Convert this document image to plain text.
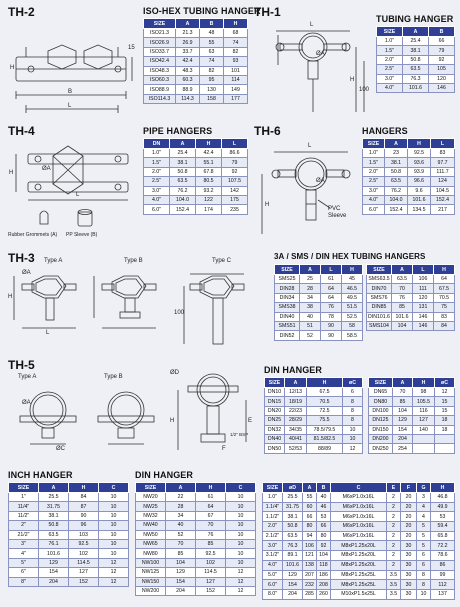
TH-2	TH-1
TH-4	TH-6
TH-3
TH-5
B
L
15
H
ISO-HEX TUBING HANGER
SIZE	A	B	H
ISO21.3	21.3	48	68
ISO26.9	26.9	55	74
ISO33.7	33.7	63	82
ISO42.4	42.4	74	93
ISO48.3	48.3	82	101
ISO60.3	60.3	95	114
ISO88.9	88.9	130	149
ISO114.3	114.3	158	177
L
ØA
100
H
TUBING HANGER
SIZE	A	B
1.0"	25.4	66
1.5"	38.1	79
2.0"	50.8	92
2.5"	63.5	105
3.0"	76.3	120
4.0"	101.6	146
ØA
H
L
Rubber Grommets (A) PP Sleeve (B)
PIPE HANGERS
DN	A	H	L
1.0"	25.4	42.4	86.6
1.5"	38.1	55.1	79
2.0"	50.8	67.8	92
2.5"	63.5	80.5	107.5
3.0"	76.2	93.2	142
4.0"	104.0	122	175
6.0"	152.4	174	235
L
ØA
H
PVC
Sleeve
HANGERS
SIZE	A	H	L
1.0"	23	92.5	83
1.5"	38.1	93.6	97.7
2.0"	50.8	93.9	111.7
2.5"	63.5	96.6	124
3.0"	76.2	9.6	104.5
4.0"	104.0	101.6	152.4
6.0"	152.4	134.5	217
Type A	Type B	Type C
ØA
H
L
100
3A / SMS / DIN HEX TUBING HANGERS
SIZE	A	L	H
SMS25	25	61	45
DIN28	28	64	46.5
DIN34	34	64	49.5
SMS38	38	76	51.5
DIN40	40	78	52.5
SMS51	51	90	58
DIN52	52	90	58.5
SIZE	A	L	H
SMS63.5	63.5	106	64
DIN70	70	111	67.5
SMS76	76	120	70.5
DIN85	85	131	75
DIN101.6	101.6	146	83
SMS104	104	146	84
Type A	Type B
ØC
ØA
H
ØD
E
F
1/2" BSP
DIN HANGER
SIZE	A	H	øC
DN10	12/13	67.5	6
DN15	18/19	70.5	8
DN20	22/23	72.5	8
DN25	28/29	75.5	8
DN32	34/35	78.5/79.5	10
DN40	40/41	81.5/82.5	10
DN50	52/53	88/89	12
SIZE	A	H	øC
DN65	70	98	12
DN80	85	105.5	15
DN100	104	116	15
DN125	129	127	18
DN150	154	140	18
DN200	204		
DN250	254		
INCH HANGER
SIZE	A	H	C
1"	25.5	84	10
11/4"	31.75	87	10
11/2"	38.1	90	10
2"	50.8	96	10
21/2"	63.5	103	10
3"	76.1	92.5	10
4"	101.6	102	10
5"	129	114.5	12
6"	154	127	12
8"	204	152	12
DIN HANGER
SIZE	A	H	C
NW20	22	61	10
NW25	28	64	10
NW32	34	67	10
NW40	40	70	10
NW50	52	76	10
NW65	70	85	10
NW80	85	92.5	10
NW100	104	102	10
NW125	129	114.5	12
NW150	154	127	12
NW200	204	152	12
SIZE	øD	A	B	C	E	F	G	H
1.0"	25.5	55	40	M6xP1.0x16L	2	20	3	46.8
1.1/4"	31.75	60	46	M6xP1.0x16L	2	20	4	49.9
1.1/2"	38.1	66	53	M6xP1.0x16L	2	20	4	53
2.0"	50.8	80	66	M6xP1.0x16L	2	20	5	59.4
2.1/2"	63.5	94	80	M6xP1.0x16L	2	20	5	65.8
3.0"	76.3	106	92	M8xP1.25x20L	2	30	5	72.2
3.1/2"	89.1	121	104	M8xP1.25x20L	2	30	6	78.6
4.0"	101.6	138	118	M8xP1.25x20L	2	30	6	86
5.0"	129	207	186	M8xP1.25x25L	3.5	30	8	99
6.0"	154	232	208	M8xP1.25x25L	3.5	30	8	112
8.0"	204	285	260	M10xP1.5x25L	3.5	30	10	137
